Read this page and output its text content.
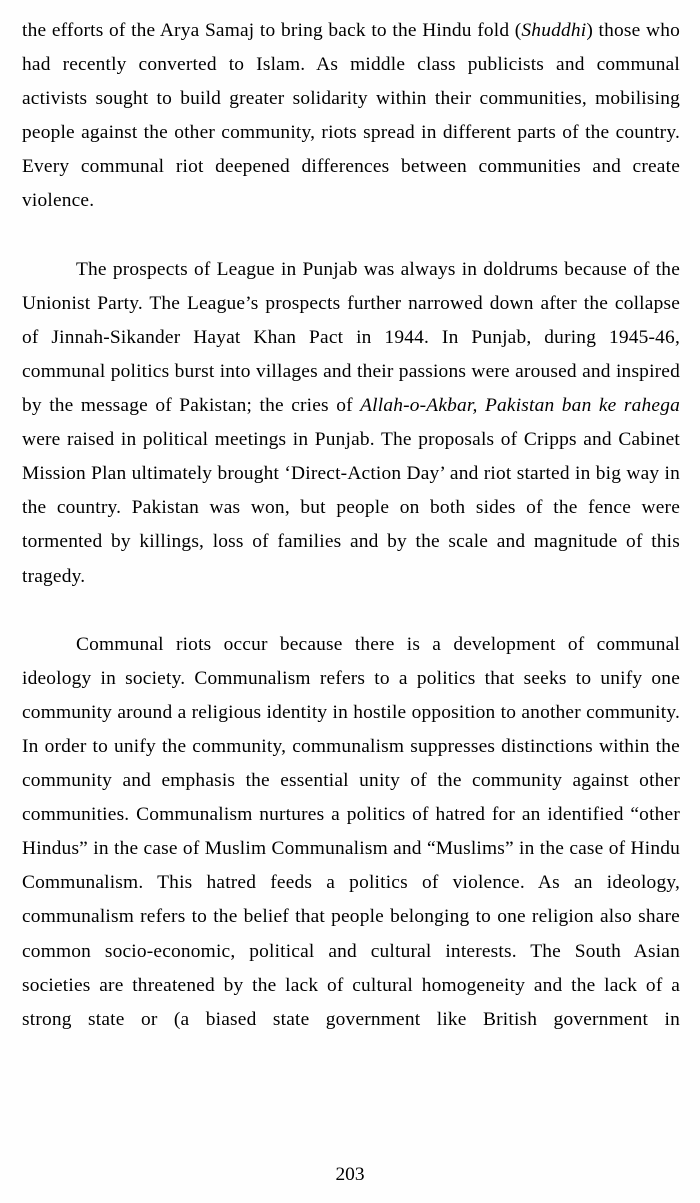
the efforts of the Arya Samaj to bring back to the Hindu fold (Shuddhi) those who had recently converted to Islam. As middle class publicists and communal activists sought to build greater solidarity within their communities, mobilising people against the other community, riots spread in different parts of the country. Every communal riot deepened differences between communities and create violence.

The prospects of League in Punjab was always in doldrums because of the Unionist Party. The League’s prospects further narrowed down after the collapse of Jinnah-Sikander Hayat Khan Pact in 1944. In Punjab, during 1945-46, communal politics burst into villages and their passions were aroused and inspired by the message of Pakistan; the cries of Allah-o-Akbar, Pakistan ban ke rahega were raised in political meetings in Punjab. The proposals of Cripps and Cabinet Mission Plan ultimately brought ‘Direct-Action Day’ and riot started in big way in the country. Pakistan was won, but people on both sides of the fence were tormented by killings, loss of families and by the scale and magnitude of this tragedy.

Communal riots occur because there is a development of communal ideology in society. Communalism refers to a politics that seeks to unify one community around a religious identity in hostile opposition to another community. In order to unify the community, communalism suppresses distinctions within the community and emphasis the essential unity of the community against other communities. Communalism nurtures a politics of hatred for an identified “other Hindus” in the case of Muslim Communalism and “Muslims” in the case of Hindu Communalism. This hatred feeds a politics of violence. As an ideology, communalism refers to the belief that people belonging to one religion also share common socio-economic, political and cultural interests. The South Asian societies are threatened by the lack of cultural homogeneity and the lack of a strong state or (a biased state government like British government in

203
